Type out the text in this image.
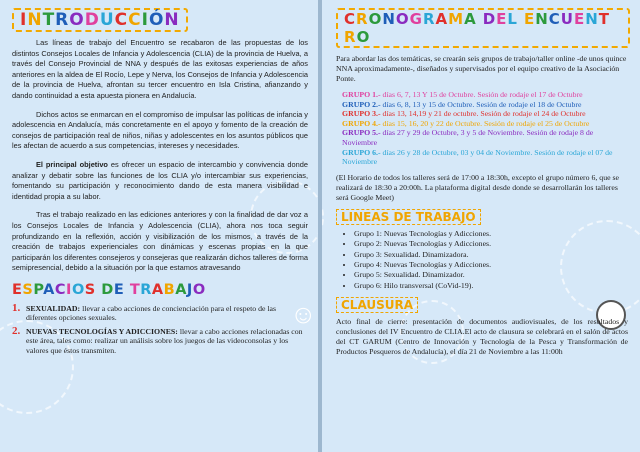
☺
INTRODUCCIÓN

Las líneas de trabajo del Encuentro se recabaron de las propuestas de los distintos Consejos Locales de Infancia y Adolescencia (CLIA) de la provincia de Huelva, a través del Consejo Provincial de NNA y después de las exitosas experiencias de años anteriores en la aldea de El Rocío, Lepe y Nerva, los Consejos de Infancia y Adolescencia de la provincia de Huelva, afrontan su tercer encuentro en Isla Cristina, afianzando y dando continuidad a esta apuesta pionera en Andalucía.

Dichos actos se enmarcan en el compromiso de impulsar las políticas de infancia y adolescencia en Andalucía, más concretamente en el apoyo y fomento de la creación de consejos de participación real de niños, niñas y adolescentes en los asuntos públicos que les afectan de acuerdo a sus competencias, intereses y necesidades.

El principal objetivo es ofrecer un espacio de intercambio y convivencia donde analizar y debatir sobre las funciones de los CLIA y/o intercambiar sus experiencias, fomentando su participación y reconocimiento dando de esta manera visibilidad e identidad propia a su labor.

Tras el trabajo realizado en las ediciones anteriores y con la finalidad de dar voz a los Consejos Locales de Infancia y Adolescencia (CLIA), ahora nos toca seguir profundizando en la reflexión, acción y visibilización de los mismos, a través de la creación de trabajos experienciales con dinámicas y escenas propias en la que participarán los diferentes consejeros y consejeras que realizarán dichos talleres de forma semipresencial, debido a la situación por la que estamos atravesando

ESPACIOS DE TRABAJO
1. SEXUALIDAD: llevar a cabo acciones de concienciación para el respeto de las diferentes opciones sexuales.
2. NUEVAS TECNOLOGÍAS Y ADICCIONES: llevar a cabo acciones relacionadas con este área, tales como: realizar un análisis sobre los juegos de las videoconsolas y los valores que éstos transmiten.
CRONOGRAMA DEL ENCUENTRO

Para abordar las dos temáticas, se crearán seis grupos de trabajo/taller online -de unos quince NNA aproximadamente-, diseñados y supervisados por el equipo creativo de la Asociación Ponte.

GRUPO 1.- días 6, 7, 13 Y 15 de Octubre. Sesión de rodaje el 17 de Octubre

GRUPO 2.- días 6, 8, 13 y 15 de Octubre. Sesión de rodaje el 18 de Octubre

GRUPO 3.- días 13, 14,19 y 21 de octubre. Sesión de rodaje el 24 de Octubre

GRUPO 4.- días 15, 16, 20 y 22 de Octubre. Sesión de rodaje el 25 de Octubre

GRUPO 5.- días 27 y 29 de Octubre, 3 y 5 de Noviembre. Sesión de rodaje 8 de Noviembre

GRUPO 6.- días 26 y 28 de Octubre, 03 y 04 de Noviembre. Sesión de rodaje el 07 de Noviembre

(El Horario de todos los talleres será de 17:00 a 18:30h, excepto el grupo número 6, que se realizará de 18:30 a 20:00h. La plataforma digital desde donde se desarrollarán los talleres será Google Meet)

LINEAS DE TRABAJO
• Grupo 1: Nuevas Tecnologías y Adicciones.
• Grupo 2: Nuevas Tecnologías y Adicciones.
• Grupo 3: Sexualidad. Dinamizadora.
• Grupo 4: Nuevas Tecnologías y Adicciones.
• Grupo 5: Sexualidad. Dinamizador.
• Grupo 6: Hilo transversal (CoVid-19).
CLAUSURA

Acto final de cierre: presentación de documentos audiovisuales, de los resultados y conclusiones del IV Encuentro de CLIA.El acto de clausura se celebrará en el salón de actos del CT GARUM (Centro de Innovación y Tecnología de la Pesca y Transformación de Productos Pesqueros de Andalucía), el día 21 de Noviembre a las 11:00h
